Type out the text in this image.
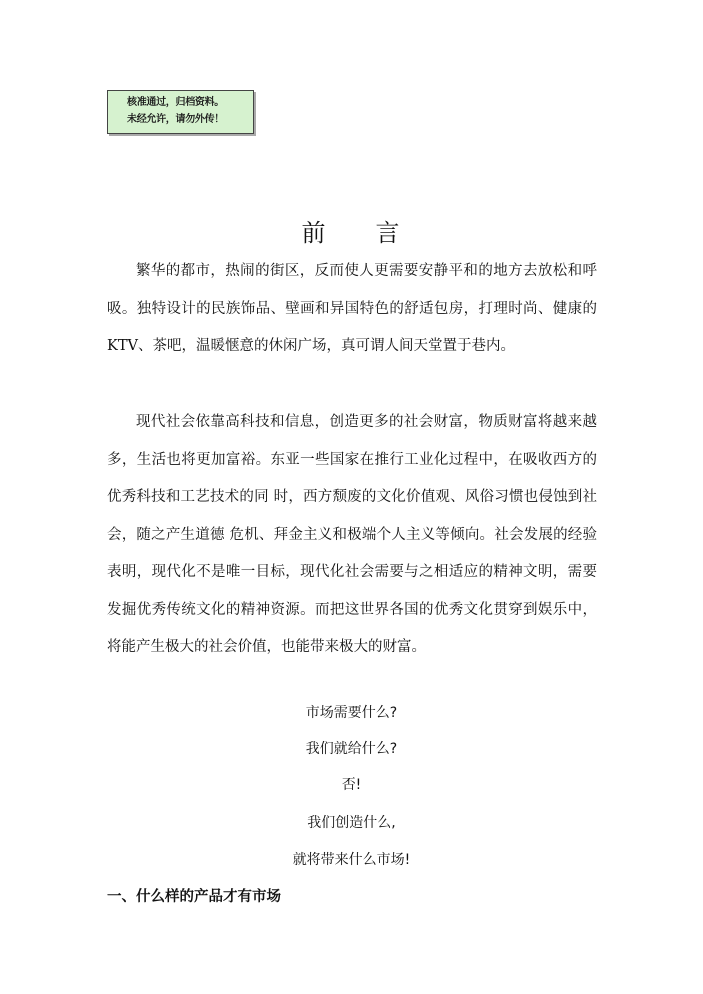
核准通过，归档资料。
未经允许，请勿外传！
前 言

繁华的都市，热闹的街区，反而使人更需要安静平和的地方去放松和呼吸。独特设计的民族饰品、壁画和异国特色的舒适包房，打理时尚、健康的KTV、茶吧，温暖惬意的休闲广场，真可谓人间天堂置于巷内。

现代社会依靠高科技和信息，创造更多的社会财富，物质财富将越来越多，生活也将更加富裕。东亚一些国家在推行工业化过程中，在吸收西方的优秀科技和工艺技术的同 时，西方颓废的文化价值观、风俗习惯也侵蚀到社会，随之产生道德 危机、拜金主义和极端个人主义等倾向。社会发展的经验表明，现代化不是唯一目标，现代化社会需要与之相适应的精神文明，需要发掘优秀传统文化的精神资源。而把这世界各国的优秀文化贯穿到娱乐中，将能产生极大的社会价值，也能带来极大的财富。

市场需要什么?
我们就给什么?
否!
我们创造什么,
就将带来什么市场!
一、什么样的产品才有市场
